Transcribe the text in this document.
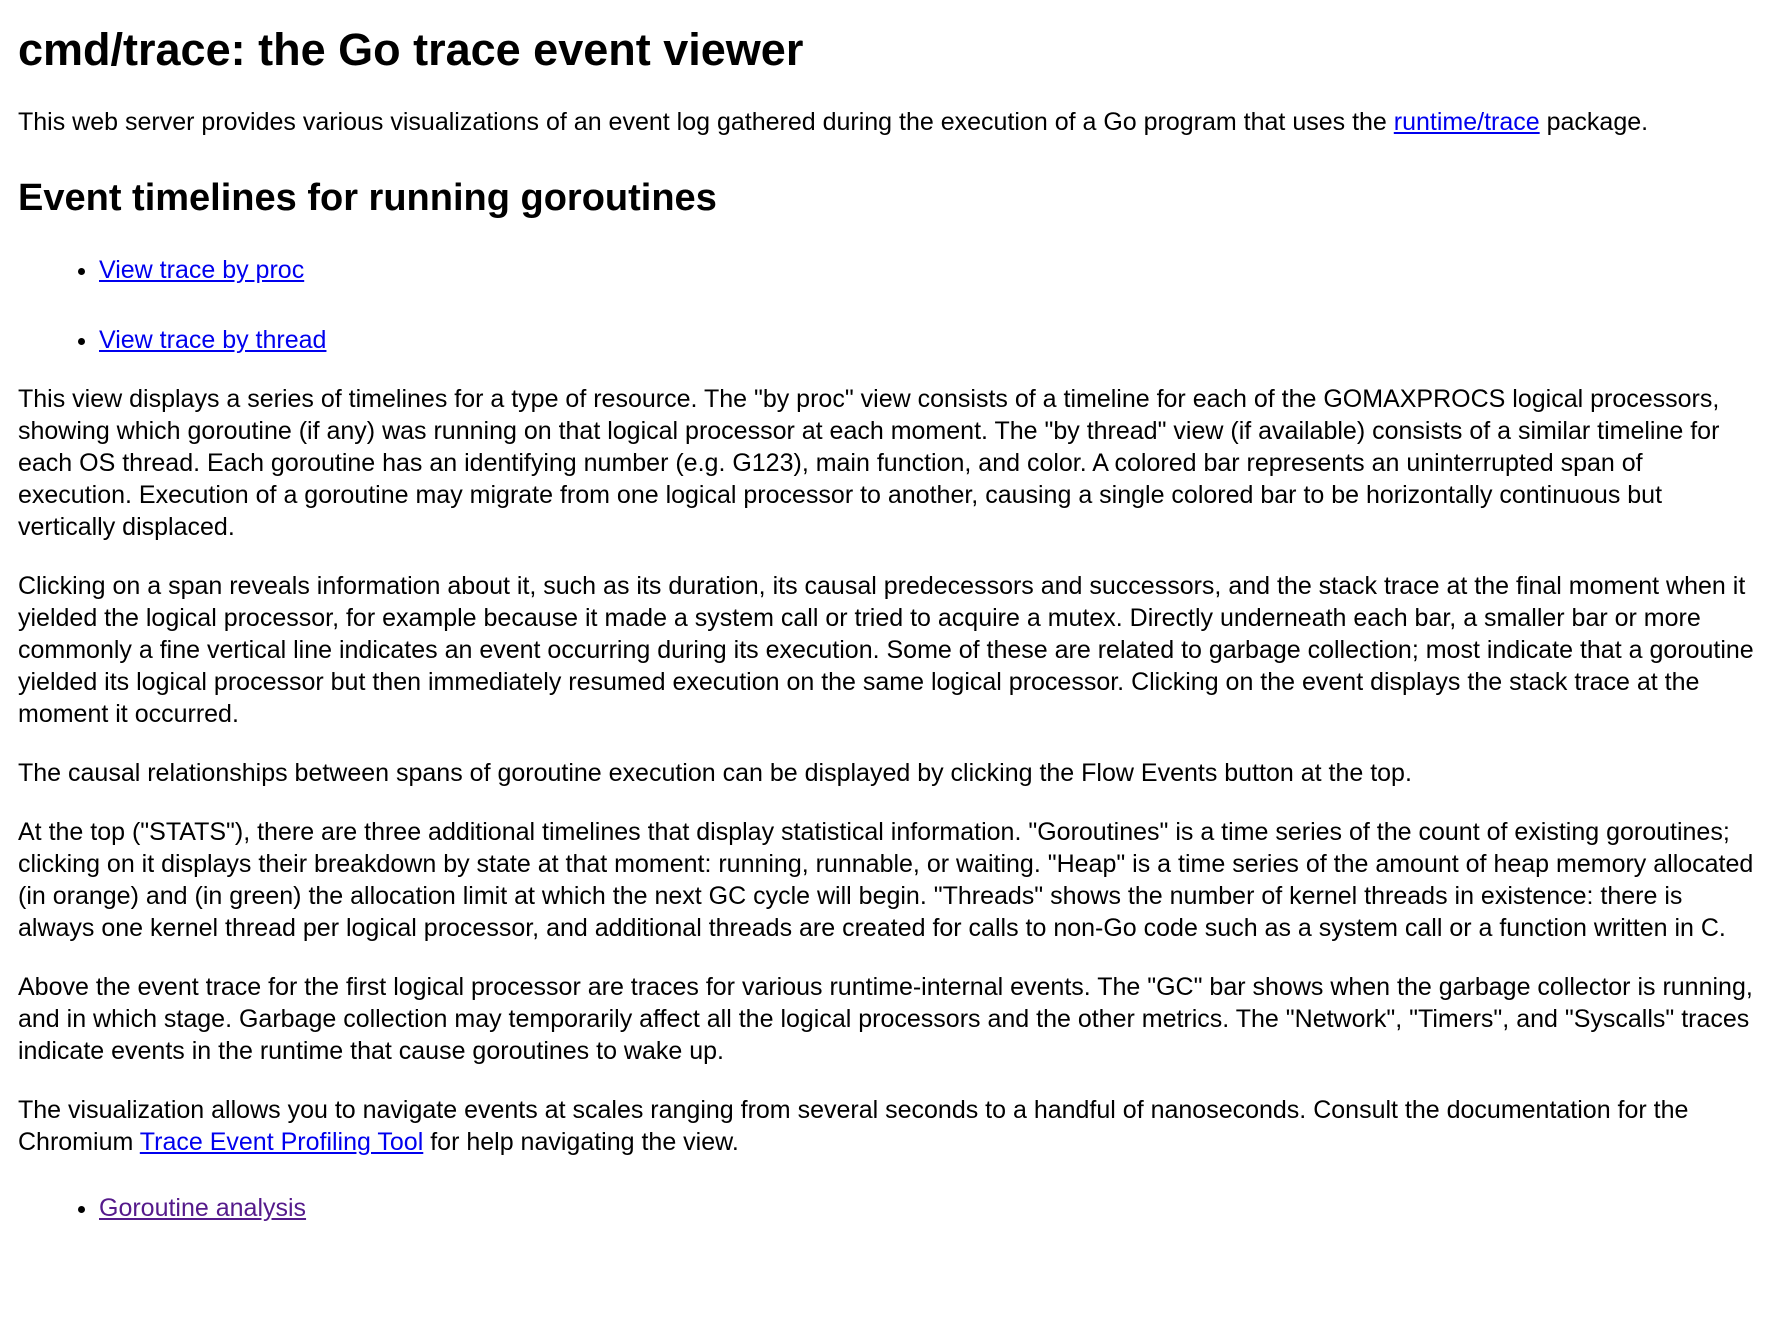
cmd/trace: the Go trace event viewer

This web server provides various visualizations of an event log gathered during the execution of a Go program that uses the runtime/trace package.

Event timelines for running goroutines
• View trace by proc
• View trace by thread

This view displays a series of timelines for a type of resource. The "by proc" view consists of a timeline for each of the GOMAXPROCS logical processors, showing which goroutine (if any) was running on that logical processor at each moment. The "by thread" view (if available) consists of a similar timeline for each OS thread. Each goroutine has an identifying number (e.g. G123), main function, and color. A colored bar represents an uninterrupted span of execution. Execution of a goroutine may migrate from one logical processor to another, causing a single colored bar to be horizontally continuous but vertically displaced.

Clicking on a span reveals information about it, such as its duration, its causal predecessors and successors, and the stack trace at the final moment when it yielded the logical processor, for example because it made a system call or tried to acquire a mutex. Directly underneath each bar, a smaller bar or more commonly a fine vertical line indicates an event occurring during its execution. Some of these are related to garbage collection; most indicate that a goroutine yielded its logical processor but then immediately resumed execution on the same logical processor. Clicking on the event displays the stack trace at the moment it occurred.

The causal relationships between spans of goroutine execution can be displayed by clicking the Flow Events button at the top.

At the top ("STATS"), there are three additional timelines that display statistical information. "Goroutines" is a time series of the count of existing goroutines; clicking on it displays their breakdown by state at that moment: running, runnable, or waiting. "Heap" is a time series of the amount of heap memory allocated (in orange) and (in green) the allocation limit at which the next GC cycle will begin. "Threads" shows the number of kernel threads in existence: there is always one kernel thread per logical processor, and additional threads are created for calls to non-Go code such as a system call or a function written in C.

Above the event trace for the first logical processor are traces for various runtime-internal events. The "GC" bar shows when the garbage collector is running, and in which stage. Garbage collection may temporarily affect all the logical processors and the other metrics. The "Network", "Timers", and "Syscalls" traces indicate events in the runtime that cause goroutines to wake up.

The visualization allows you to navigate events at scales ranging from several seconds to a handful of nanoseconds. Consult the documentation for the Chromium Trace Event Profiling Tool for help navigating the view.

• Goroutine analysis
